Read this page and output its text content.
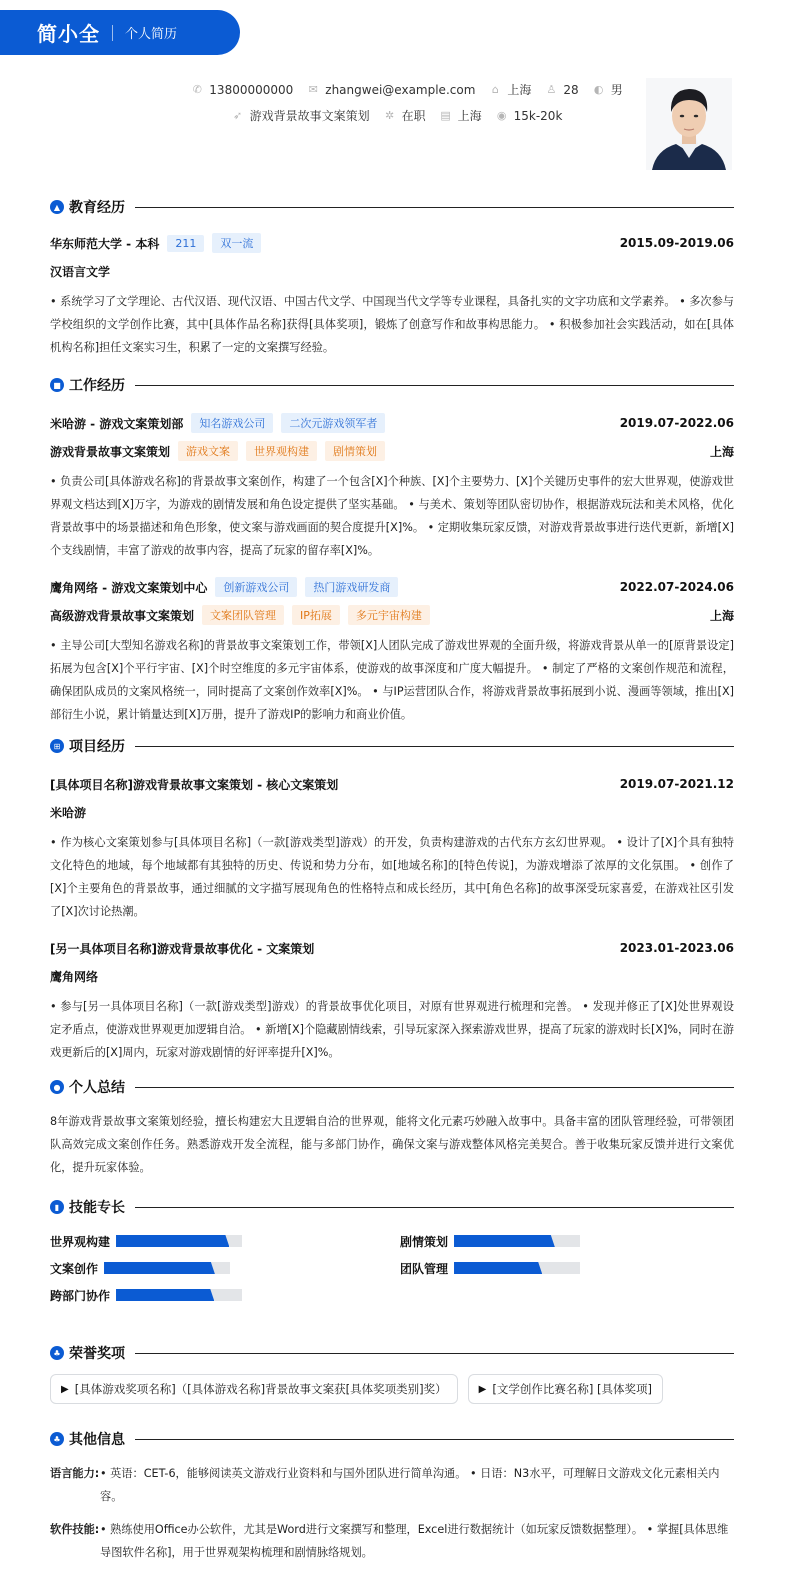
简小全 个人简历
✆ 13800000000 ✉ zhangwei@example.com ⌂ 上海 ♙ 28 ◐ 男
➶ 游戏背景故事文案策划 ✲ 在职 ▤ 上海 ◉ 15k-20k
▲ 教育经历
华东师范大学 - 本科	211	双一流	2015.09-2019.06
汉语言文学
• 系统学习了文学理论、古代汉语、现代汉语、中国古代文学、中国现当代文学等专业课程，具备扎实的文字功底和文学素养。 • 多次参与学校组织的文学创作比赛，其中[具体作品名称]获得[具体奖项]，锻炼了创意写作和故事构思能力。 • 积极参加社会实践活动，如在[具体机构名称]担任文案实习生，积累了一定的文案撰写经验。
■ 工作经历
米哈游 - 游戏文案策划部	知名游戏公司	二次元游戏领军者	2019.07-2022.06
游戏背景故事文案策划	游戏文案	世界观构建	剧情策划	上海
• 负责公司[具体游戏名称]的背景故事文案创作，构建了一个包含[X]个种族、[X]个主要势力、[X]个关键历史事件的宏大世界观，使游戏世界观文档达到[X]万字，为游戏的剧情发展和角色设定提供了坚实基础。 • 与美术、策划等团队密切协作，根据游戏玩法和美术风格，优化背景故事中的场景描述和角色形象，使文案与游戏画面的契合度提升[X]%。 • 定期收集玩家反馈，对游戏背景故事进行迭代更新，新增[X]个支线剧情，丰富了游戏的故事内容，提高了玩家的留存率[X]%。
鹰角网络 - 游戏文案策划中心	创新游戏公司	热门游戏研发商	2022.07-2024.06
高级游戏背景故事文案策划	文案团队管理	IP拓展	多元宇宙构建	上海
• 主导公司[大型知名游戏名称]的背景故事文案策划工作，带领[X]人团队完成了游戏世界观的全面升级，将游戏背景从单一的[原背景设定]拓展为包含[X]个平行宇宙、[X]个时空维度的多元宇宙体系，使游戏的故事深度和广度大幅提升。 • 制定了严格的文案创作规范和流程，确保团队成员的文案风格统一，同时提高了文案创作效率[X]%。 • 与IP运营团队合作，将游戏背景故事拓展到小说、漫画等领域，推出[X]部衍生小说，累计销量达到[X]万册，提升了游戏IP的影响力和商业价值。
⊞ 项目经历
[具体项目名称]游戏背景故事文案策划 - 核心文案策划	2019.07-2021.12
米哈游
• 作为核心文案策划参与[具体项目名称]（一款[游戏类型]游戏）的开发，负责构建游戏的古代东方玄幻世界观。 • 设计了[X]个具有独特文化特色的地域，每个地域都有其独特的历史、传说和势力分布，如[地域名称]的[特色传说]，为游戏增添了浓厚的文化氛围。 • 创作了[X]个主要角色的背景故事，通过细腻的文字描写展现角色的性格特点和成长经历，其中[角色名称]的故事深受玩家喜爱，在游戏社区引发了[X]次讨论热潮。
[另一具体项目名称]游戏背景故事优化 - 文案策划	2023.01-2023.06
鹰角网络
• 参与[另一具体项目名称]（一款[游戏类型]游戏）的背景故事优化项目，对原有世界观进行梳理和完善。 • 发现并修正了[X]处世界观设定矛盾点，使游戏世界观更加逻辑自洽。 • 新增[X]个隐藏剧情线索，引导玩家深入探索游戏世界，提高了玩家的游戏时长[X]%，同时在游戏更新后的[X]周内，玩家对游戏剧情的好评率提升[X]%。
● 个人总结
8年游戏背景故事文案策划经验，擅长构建宏大且逻辑自洽的世界观，能将文化元素巧妙融入故事中。具备丰富的团队管理经验，可带领团队高效完成文案创作任务。熟悉游戏开发全流程，能与多部门协作，确保文案与游戏整体风格完美契合。善于收集玩家反馈并进行文案优化，提升玩家体验。
▮ 技能专长
世界观构建	剧情策划
文案创作	团队管理
跨部门协作
♣ 荣誉奖项
▶ [具体游戏奖项名称]（[具体游戏名称]背景故事文案获[具体奖项类别]奖）	▶ [文学创作比赛名称] [具体奖项]
♣ 其他信息
语言能力: • 英语：CET-6，能够阅读英文游戏行业资料和与国外团队进行简单沟通。 • 日语：N3水平，可理解日文游戏文化元素相关内容。
软件技能: • 熟练使用Office办公软件，尤其是Word进行文案撰写和整理，Excel进行数据统计（如玩家反馈数据整理）。 • 掌握[具体思维导图软件名称]，用于世界观架构梳理和剧情脉络规划。
